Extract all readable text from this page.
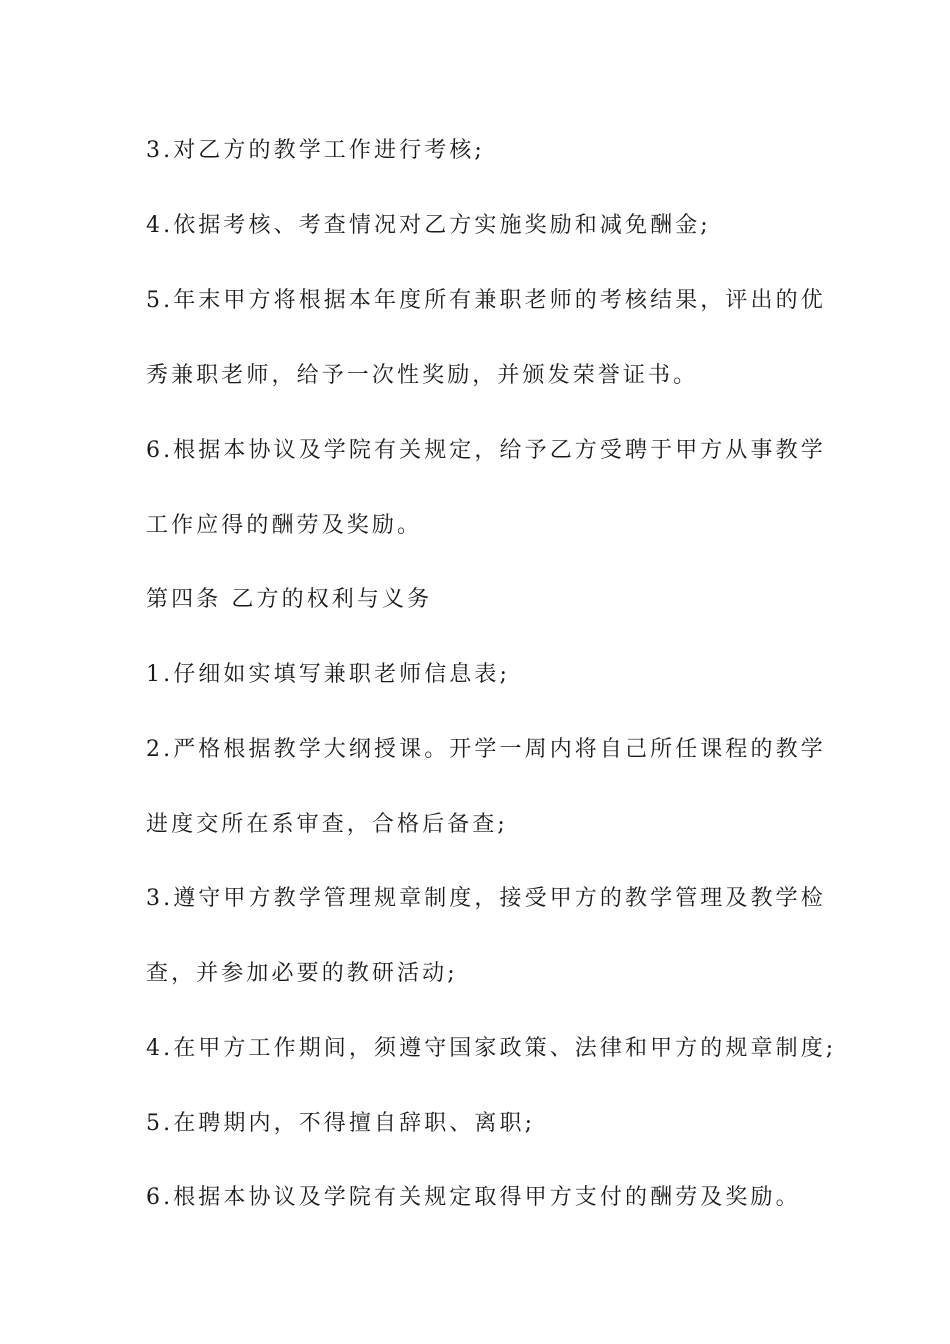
3.对乙方的教学工作进行考核;
4.依据考核、考查情况对乙方实施奖励和减免酬金;
5.年末甲方将根据本年度所有兼职老师的考核结果，评出的优
秀兼职老师，给予一次性奖励，并颁发荣誉证书。
6.根据本协议及学院有关规定，给予乙方受聘于甲方从事教学
工作应得的酬劳及奖励。
第四条 乙方的权利与义务
1.仔细如实填写兼职老师信息表;
2.严格根据教学大纲授课。开学一周内将自己所任课程的教学
进度交所在系审查，合格后备查;
3.遵守甲方教学管理规章制度，接受甲方的教学管理及教学检
查，并参加必要的教研活动;
4.在甲方工作期间，须遵守国家政策、法律和甲方的规章制度;
5.在聘期内，不得擅自辞职、离职;
6.根据本协议及学院有关规定取得甲方支付的酬劳及奖励。
